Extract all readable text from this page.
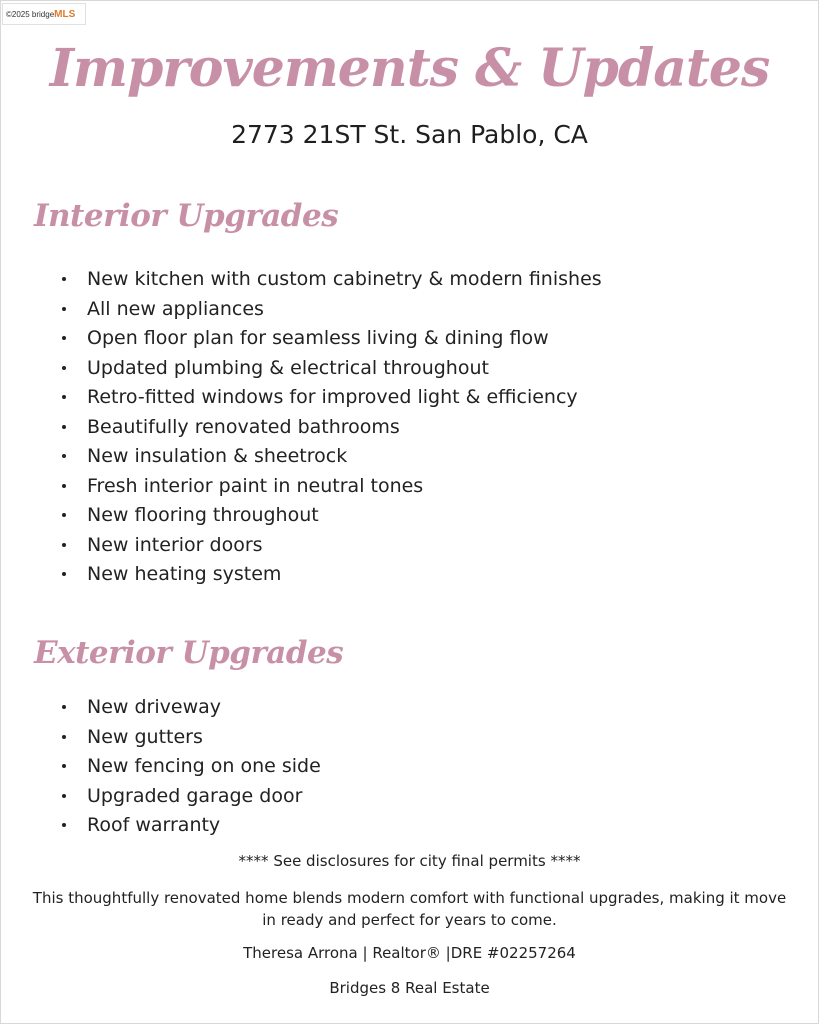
©2025 bridgeMLS
Improvements & Updates
2773 21ST St. San Pablo, CA
Interior Upgrades
New kitchen with custom cabinetry & modern finishes
All new appliances
Open floor plan for seamless living & dining flow
Updated plumbing & electrical throughout
Retro-fitted windows for improved light & efficiency
Beautifully renovated bathrooms
New insulation & sheetrock
Fresh interior paint in neutral tones
New flooring throughout
New interior doors
New heating system
Exterior Upgrades
New driveway
New gutters
New fencing on one side
Upgraded garage door
Roof warranty
**** See disclosures for city final permits ****
This thoughtfully renovated home blends modern comfort with functional upgrades, making it move in ready and perfect for years to come.
Theresa Arrona | Realtor® |DRE #02257264
Bridges 8 Real Estate
